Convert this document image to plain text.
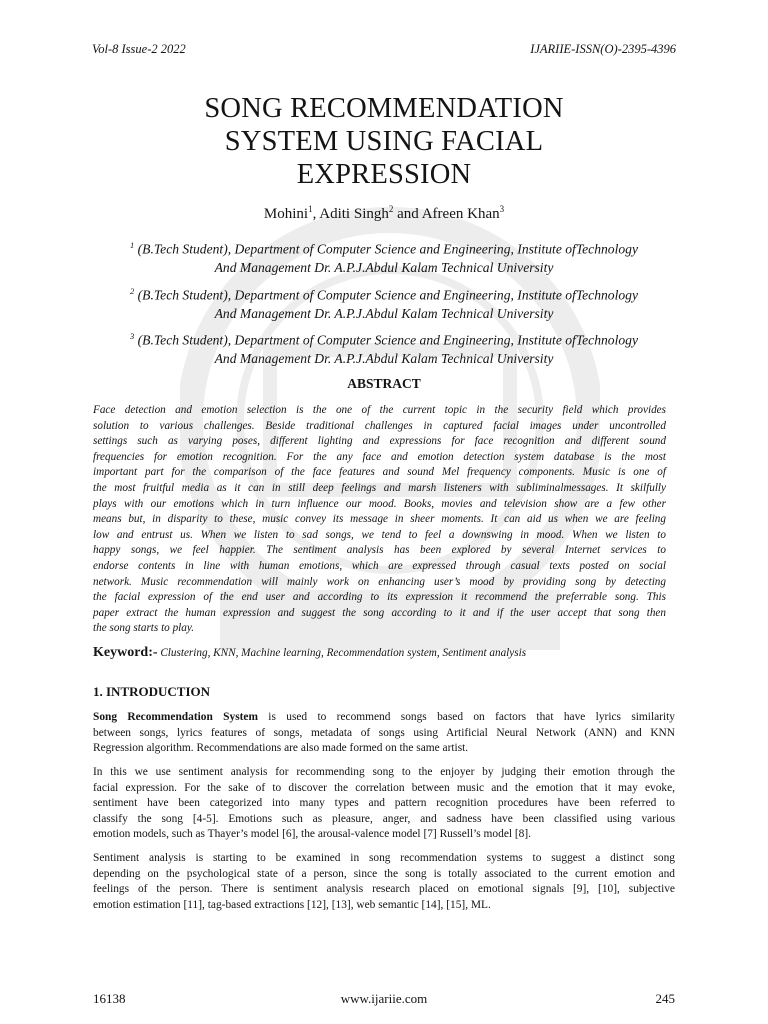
Vol-8 Issue-2 2022	IJARIIE-ISSN(O)-2395-4396
SONG RECOMMENDATION
SYSTEM USING FACIAL
EXPRESSION
Mohini$^1$, Aditi Singh$^2$ and Afreen Khan$^3$
$^1$ (B.Tech Student), Department of Computer Science and Engineering, Institute ofTechnology
And Management Dr. A.P.J.Abdul Kalam Technical University
$^2$ (B.Tech Student), Department of Computer Science and Engineering, Institute ofTechnology
And Management Dr. A.P.J.Abdul Kalam Technical University
$^3$ (B.Tech Student), Department of Computer Science and Engineering, Institute ofTechnology
And Management Dr. A.P.J.Abdul Kalam Technical University
ABSTRACT
Face detection and emotion selection is the one of the current topic in the security field which provides
solution to various challenges. Beside traditional challenges in captured facial images under uncontrolled
settings such as varying poses, different lighting and expressions for face recognition and different sound
frequencies for emotion recognition. For the any face and emotion detection system database is the most
important part for the comparison of the face features and sound Mel frequency components. Music is one of
the most fruitful media as it can in still deep feelings and marsh listeners with subliminalmessages. It skilfully
plays with our emotions which in turn influence our mood. Books, movies and television show are a few other
means but, in disparity to these, music convey its message in sheer moments. It can aid us when we are feeling
low and entrust us. When we listen to sad songs, we tend to feel a downswing in mood. When we listen to
happy songs, we feel happier. The sentiment analysis has been explored by several Internet services to
endorse contents in line with human emotions, which are expressed through casual texts posted on social
network. Music recommendation will mainly work on enhancing user’s mood by providing song by detecting
the facial expression of the end user and according to its expression it recommend the preferrable song. This
paper extract the human expression and suggest the song according to it and if the user accept that song then
the song starts to play.
Keyword:- Clustering, KNN, Machine learning, Recommendation system, Sentiment analysis
1. INTRODUCTION
Song Recommendation System is used to recommend songs based on factors that have lyrics similarity
between songs, lyrics features of songs, metadata of songs using Artificial Neural Network (ANN) and KNN
Regression algorithm. Recommendations are also made formed on the same artist.
In this we use sentiment analysis for recommending song to the enjoyer by judging their emotion through the
facial expression. For the sake of to discover the correlation between music and the emotion that it may evoke,
sentiment have been categorized into many types and pattern recognition procedures have been referred to
classify the song [4-5]. Emotions such as pleasure, anger, and sadness have been classified using various
emotion models, such as Thayer’s model [6], the arousal-valence model [7] Russell’s model [8].
Sentiment analysis is starting to be examined in song recommendation systems to suggest a distinct song
depending on the psychological state of a person, since the song is totally associated to the current emotion and
feelings of the person. There is sentiment analysis research placed on emotional signals [9], [10], subjective
emotion estimation [11], tag-based extractions [12], [13], web semantic [14], [15], ML.
16138	www.ijariie.com	245
